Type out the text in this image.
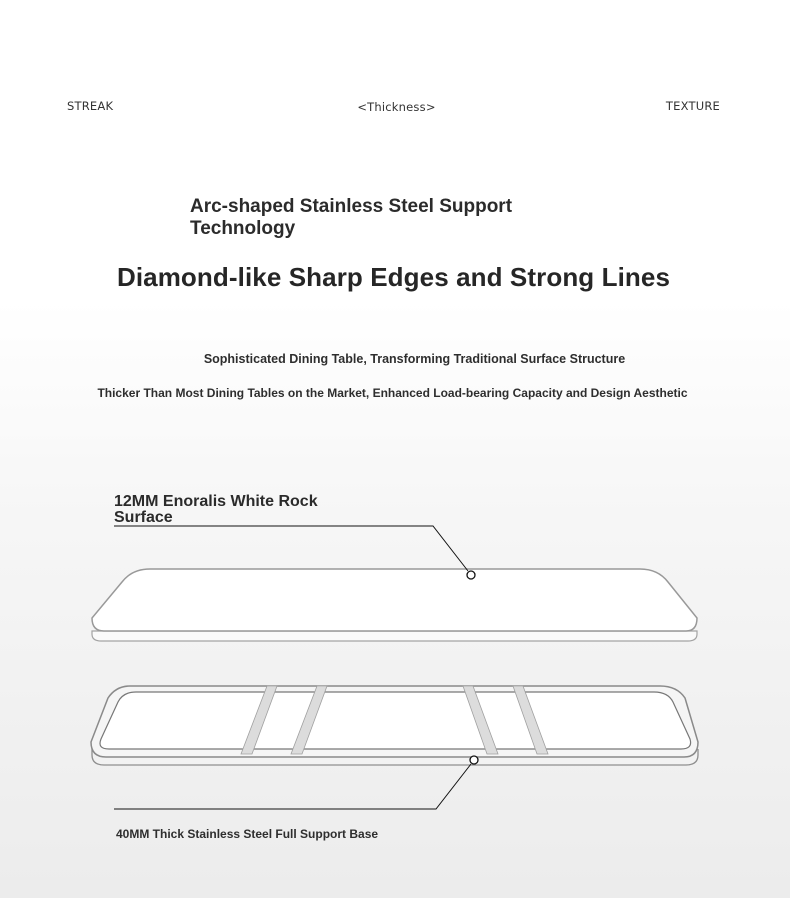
STREAK	<Thickness>	TEXTURE
Arc-shaped Stainless Steel Support Technology
Diamond-like Sharp Edges and Strong Lines

Sophisticated Dining Table, Transforming Traditional Surface Structure

Thicker Than Most Dining Tables on the Market, Enhanced Load-bearing Capacity and Design Aesthetic

12MM Enoralis White Rock Surface
40MM Thick Stainless Steel Full Support Base
